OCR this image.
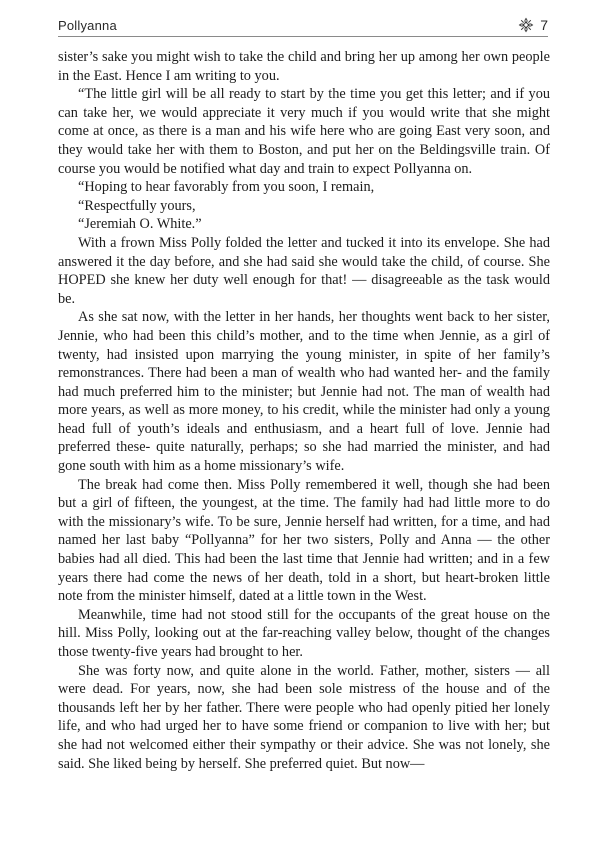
Pollyanna	7

sister’s sake you might wish to take the child and bring her up among her own people in the East. Hence I am writing to you.

“The little girl will be all ready to start by the time you get this letter; and if you can take her, we would appreciate it very much if you would write that she might come at once, as there is a man and his wife here who are going East very soon, and they would take her with them to Boston, and put her on the Beldingsville train. Of course you would be notified what day and train to expect Pollyanna on.

“Hoping to hear favorably from you soon, I remain,

“Respectfully yours,

“Jeremiah O. White.”

With a frown Miss Polly folded the letter and tucked it into its envelope. She had answered it the day before, and she had said she would take the child, of course. She HOPED she knew her duty well enough for that! — disagreeable as the task would be.

As she sat now, with the letter in her hands, her thoughts went back to her sister, Jennie, who had been this child’s mother, and to the time when Jennie, as a girl of twenty, had insisted upon marrying the young minister, in spite of her family’s remonstrances. There had been a man of wealth who had wanted her- and the family had much preferred him to the minister; but Jennie had not. The man of wealth had more years, as well as more money, to his credit, while the minister had only a young head full of youth’s ideals and enthusiasm, and a heart full of love. Jennie had preferred these- quite naturally, perhaps; so she had married the minister, and had gone south with him as a home missionary’s wife.

The break had come then. Miss Polly remembered it well, though she had been but a girl of fifteen, the youngest, at the time. The family had had little more to do with the missionary’s wife. To be sure, Jennie herself had written, for a time, and had named her last baby “Pollyanna” for her two sisters, Polly and Anna — the other babies had all died. This had been the last time that Jennie had written; and in a few years there had come the news of her death, told in a short, but heart-broken little note from the minister himself, dated at a little town in the West.

Meanwhile, time had not stood still for the occupants of the great house on the hill. Miss Polly, looking out at the far-reaching valley below, thought of the changes those twenty-five years had brought to her.

She was forty now, and quite alone in the world. Father, mother, sisters — all were dead. For years, now, she had been sole mistress of the house and of the thousands left her by her father. There were people who had openly pitied her lonely life, and who had urged her to have some friend or companion to live with her; but she had not welcomed either their sympathy or their advice. She was not lonely, she said. She liked being by herself. She preferred quiet. But now—
